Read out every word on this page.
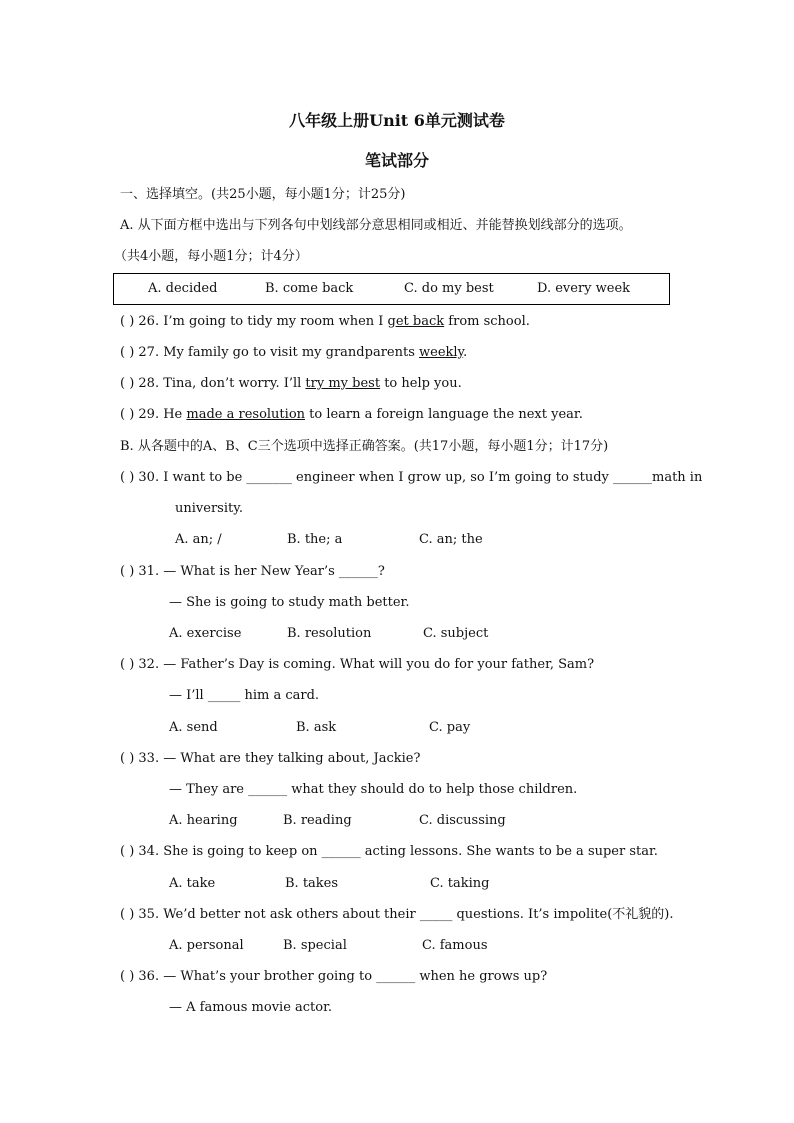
八年级上册Unit 6单元测试卷
笔试部分
一、选择填空。(共25小题，每小题1分；计25分)
A. 从下面方框中选出与下列各句中划线部分意思相同或相近、并能替换划线部分的选项。
（共4小题，每小题1分；计4分）
A. decided	B. come back	C. do my best	D. every week
( ) 26. I’m going to tidy my room when I get back from school.
( ) 27. My family go to visit my grandparents weekly.
( ) 28. Tina, don’t worry. I’ll try my best to help you.
( ) 29. He made a resolution to learn a foreign language the next year.
B. 从各题中的A、B、C三个选项中选择正确答案。(共17小题，每小题1分；计17分)
( ) 30. I want to be _______ engineer when I grow up, so I’m going to study ______math in
university.
A. an; /	B. the; a	C. an; the
( ) 31. — What is her New Year’s ______?
— She is going to study math better.
A. exercise	B. resolution	C. subject
( ) 32. — Father’s Day is coming. What will you do for your father, Sam?
— I’ll _____ him a card.
A. send	B. ask	C. pay
( ) 33. — What are they talking about, Jackie?
— They are ______ what they should do to help those children.
A. hearing	B. reading	C. discussing
( ) 34. She is going to keep on ______ acting lessons. She wants to be a super star.
A. take	B. takes	C. taking
( ) 35. We’d better not ask others about their _____ questions. It’s impolite(不礼貌的).
A. personal	B. special	C. famous
( ) 36. — What’s your brother going to ______ when he grows up?
— A famous movie actor.
